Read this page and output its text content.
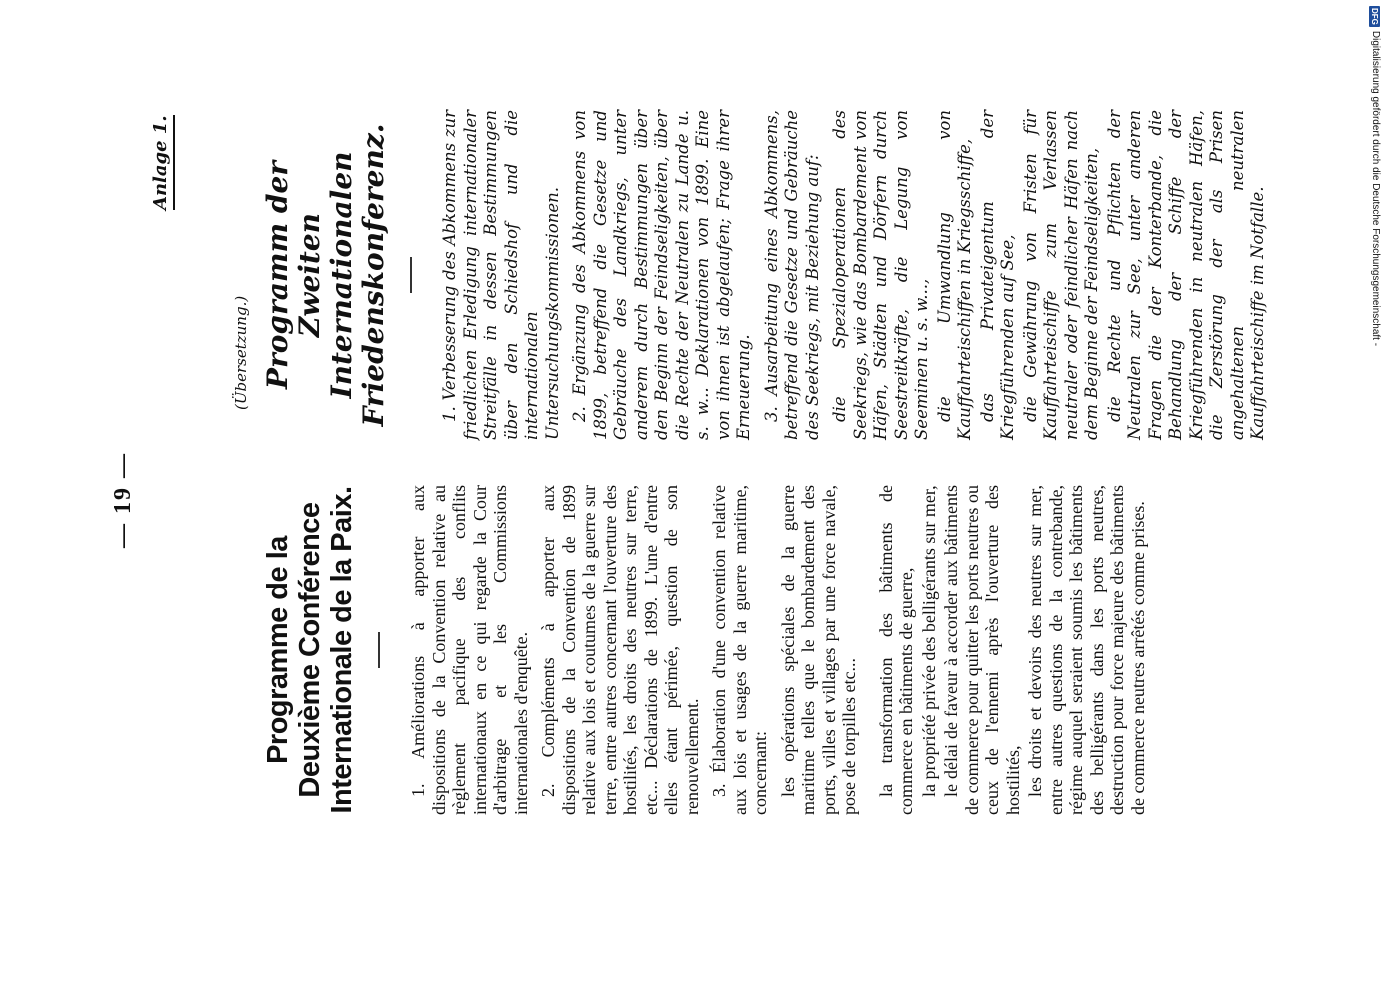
— 19 —
Anlage 1.
(Übersetzung.)
Programme de la Deuxième Conférence Internationale de la Paix.	1. Améliorations à apporter aux dispositions de la Convention relative au règlement pacifique des conflits internationaux en ce qui regarde la Cour d'arbitrage et les Commissions internationales d'enquête. 2. Compléments à apporter aux dispositions de la Convention de 1899 relative aux lois et coutumes de la guerre sur terre, entre autres concernant l'ouverture des hostilités, les droits des neutres sur terre, etc... Déclarations de 1899. L'une d'entre elles étant périmée, question de son renouvellement. 3. Élaboration d'une convention relative aux lois et usages de la guerre maritime, concernant: les opérations spéciales de la guerre maritime telles que le bombardement des ports, villes et villages par une force navale, pose de torpilles etc... la transformation des bâtiments de commerce en bâtiments de guerre, la propriété privée des belligérants sur mer, le délai de faveur à accorder aux bâtiments de commerce pour quitter les ports neutres ou ceux de l'ennemi après l'ouverture des hostilités, les droits et devoirs des neutres sur mer, entre autres questions de la contrebande, régime auquel seraient soumis les bâtiments des belligérants dans les ports neutres, destruction pour force majeure des bâtiments de commerce neutres arrêtés comme prises.

Programm der Zweiten Internationalen Friedenskonferenz.	1. Verbesserung des Abkommens zur friedlichen Erledigung internationaler Streitfälle in dessen Bestimmungen über den Schiedshof und die internationalen Untersuchungskommissionen. 2. Ergänzung des Abkommens von 1899, betreffend die Gesetze und Gebräuche des Landkriegs, unter anderem durch Bestimmungen über den Beginn der Feindseligkeiten, über die Rechte der Neutralen zu Lande u. s. w... Deklarationen von 1899. Eine von ihnen ist abgelaufen; Frage ihrer Erneuerung. 3. Ausarbeitung eines Abkommens, betreffend die Gesetze und Gebräuche des Seekriegs, mit Beziehung auf: die Spezialoperationen des Seekriegs, wie das Bombardement von Häfen, Städten und Dörfern durch Seestreitkräfte, die Legung von Seeminen u. s. w..., die Umwandlung von Kauffahrteischiffen in Kriegsschiffe, das Privateigentum der Kriegführenden auf See, die Gewährung von Fristen für Kauffahrteischiffe zum Verlassen neutraler oder feindlicher Häfen nach dem Beginne der Feindseligkeiten, die Rechte und Pflichten der Neutralen zur See, unter anderen Fragen die der Konterbande, die Behandlung der Schiffe der Kriegführenden in neutralen Häfen, die Zerstörung der als Prisen angehaltenen neutralen Kauffahrteischiffe im Notfalle.

DFG
Digitalisierung gefördert durch die Deutsche Forschungsgemeinschaft -
